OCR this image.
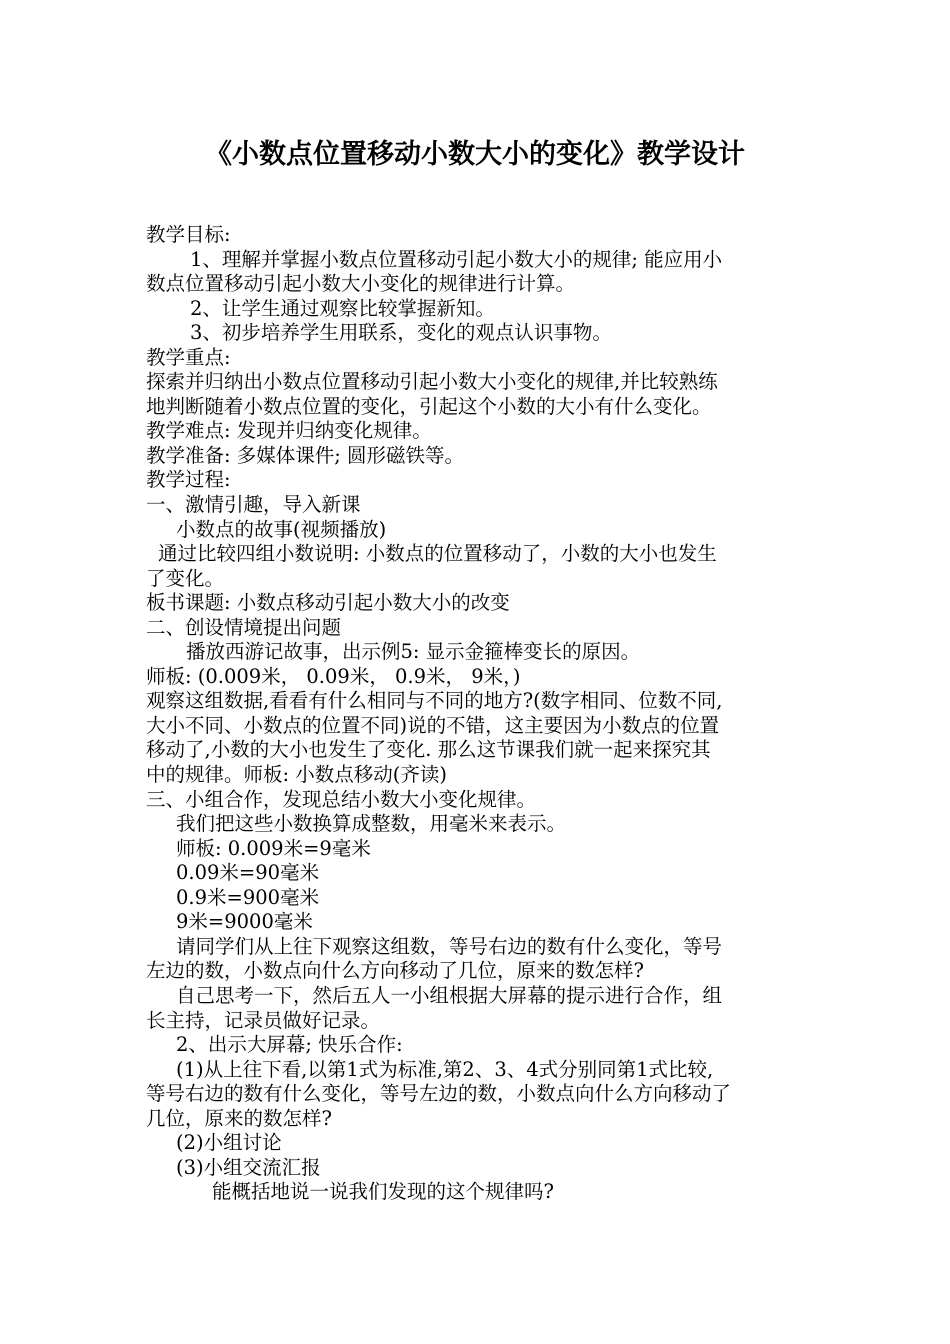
《小数点位置移动小数大小的变化》教学设计
教学目标:
1、理解并掌握小数点位置移动引起小数大小的规律; 能应用小
数点位置移动引起小数大小变化的规律进行计算。
2、让学生通过观察比较掌握新知。
3、初步培养学生用联系，变化的观点认识事物。
教学重点:
探索并归纳出小数点位置移动引起小数大小变化的规律,并比较熟练
地判断随着小数点位置的变化，引起这个小数的大小有什么变化。
教学难点: 发现并归纳变化规律。
教学准备: 多媒体课件; 圆形磁铁等。
教学过程:
一、激情引趣，导入新课
小数点的故事(视频播放)
通过比较四组小数说明: 小数点的位置移动了，小数的大小也发生
了变化。
板书课题: 小数点移动引起小数大小的改变
二、创设情境提出问题
播放西游记故事，出示例5: 显示金箍棒变长的原因。
师板: (0.009米， 0.09米， 0.9米， 9米，)
观察这组数据,看看有什么相同与不同的地方?(数字相同、位数不同,
大小不同、小数点的位置不同)说的不错，这主要因为小数点的位置
移动了,小数的大小也发生了变化. 那么这节课我们就一起来探究其
中的规律。师板: 小数点移动(齐读)
三、小组合作，发现总结小数大小变化规律。
我们把这些小数换算成整数，用毫米来表示。
师板: 0.009米=9毫米
0.09米=90毫米
0.9米=900毫米
9米=9000毫米
请同学们从上往下观察这组数，等号右边的数有什么变化，等号
左边的数，小数点向什么方向移动了几位，原来的数怎样?
自己思考一下，然后五人一小组根据大屏幕的提示进行合作，组
长主持，记录员做好记录。
2、出示大屏幕; 快乐合作:
(1)从上往下看,以第1式为标准,第2、3、4式分别同第1式比较,
等号右边的数有什么变化，等号左边的数，小数点向什么方向移动了
几位，原来的数怎样?
(2)小组讨论
(3)小组交流汇报
能概括地说一说我们发现的这个规律吗?
